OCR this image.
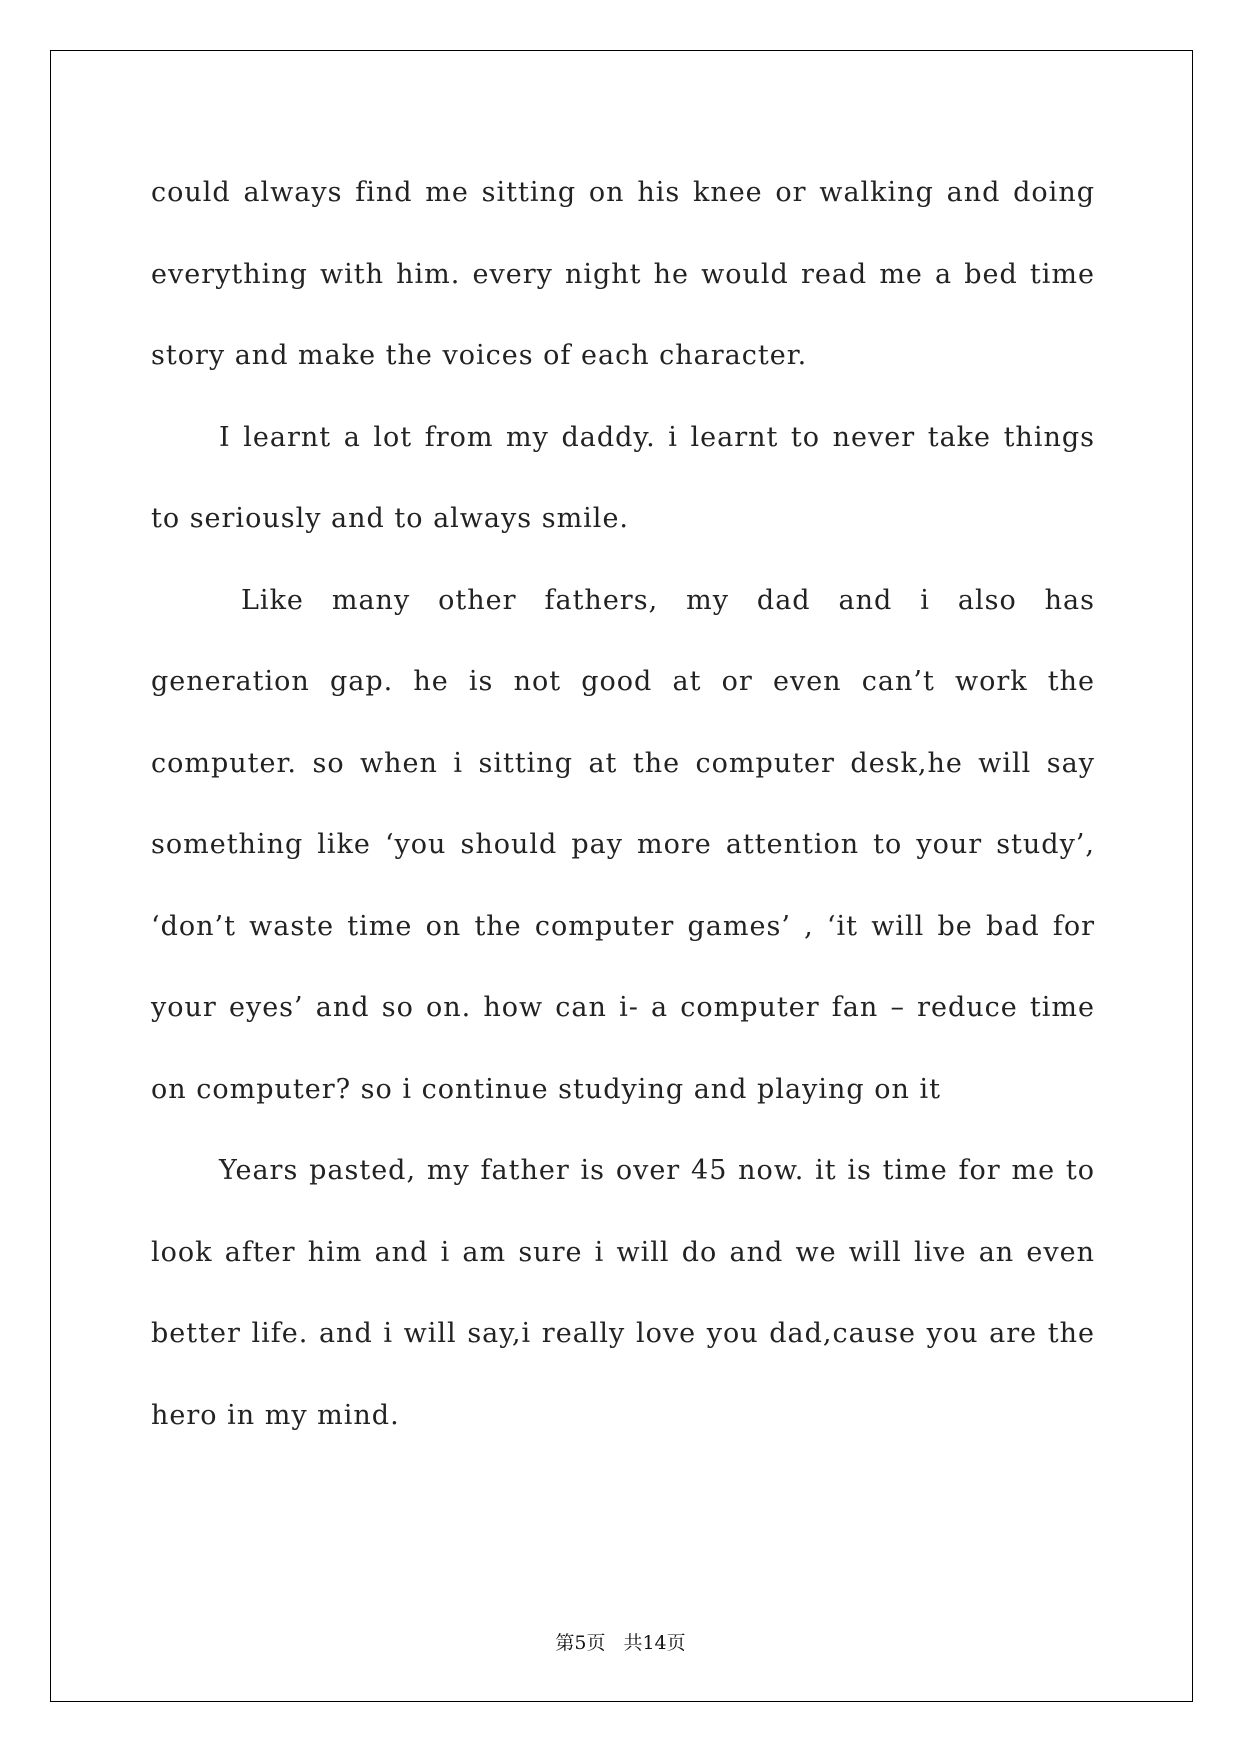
could always find me sitting on his knee or walking and doing everything with him. every night he would read me a bed time story and make the voices of each character.

I learnt a lot from my daddy. i learnt to never take things to seriously and to always smile.

Like many other fathers, my dad and i also has generation gap. he is not good at or even can’t work the computer. so when i sitting at the computer desk,he will say something like ‘you should pay more attention to your study’, ‘don’t waste time on the computer games’ , ‘it will be bad for your eyes’ and so on. how can i- a computer fan – reduce time on computer? so i continue studying and playing on it

Years pasted, my father is over 45 now. it is time for me to look after him and i am sure i will do and we will live an even better life. and i will say,i really love you dad,cause you are the hero in my mind.

第5页 共14页
